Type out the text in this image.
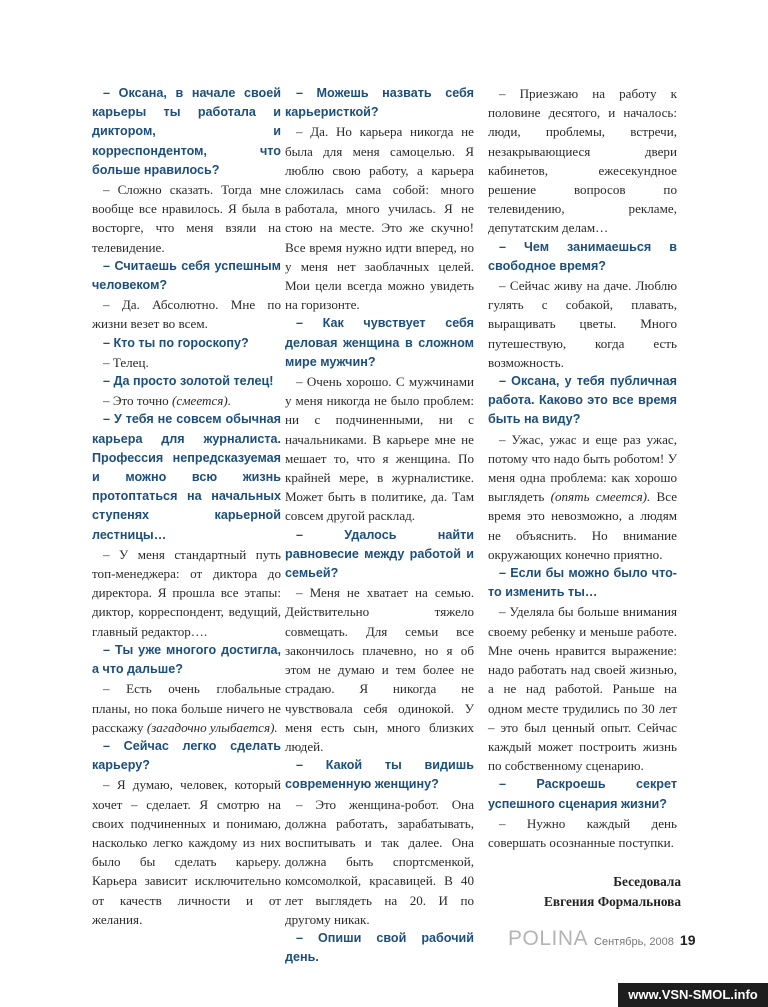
– Оксана, в начале своей карьеры ты работала и диктором, и корреспондентом, что больше нравилось?

– Сложно сказать. Тогда мне вообще все нравилось. Я была в восторге, что меня взяли на телевидение.

– Считаешь себя успешным человеком?

– Да. Абсолютно. Мне по жизни везет во всем.

– Кто ты по гороскопу?

– Телец.

– Да просто золотой телец!

– Это точно (смеется).

– У тебя не совсем обычная карьера для журналиста. Профессия непредсказуемая и можно всю жизнь протоптаться на начальных ступенях карьерной лестницы…

– У меня стандартный путь топ-менеджера: от диктора до директора. Я прошла все этапы: диктор, корреспондент, ведущий, главный редактор….

– Ты уже многого достигла, а что дальше?

– Есть очень глобальные планы, но пока больше ничего не расскажу (загадочно улыбается).

– Сейчас легко сделать карьеру?

– Я думаю, человек, который хочет – сделает. Я смотрю на своих подчиненных и понимаю, насколько легко каждому из них было бы сделать карьеру. Карьера зависит исключительно от качеств личности и от желания.

– Можешь назвать себя карьеристкой?

– Да. Но карьера никогда не была для меня самоцелью. Я люблю свою работу, а карьера сложилась сама собой: много работала, много училась. Я не стою на месте. Это же скучно! Все время нужно идти вперед, но у меня нет заоблачных целей. Мои цели всегда можно увидеть на горизонте.

– Как чувствует себя деловая женщина в сложном мире мужчин?

– Очень хорошо. С мужчинами у меня никогда не было проблем: ни с подчиненными, ни с начальниками. В карьере мне не мешает то, что я женщина. По крайней мере, в журналистике. Может быть в политике, да. Там совсем другой расклад.

– Удалось найти равновесие между работой и семьей?

– Меня не хватает на семью. Действительно тяжело совмещать. Для семьи все закончилось плачевно, но я об этом не думаю и тем более не страдаю. Я никогда не чувствовала себя одинокой. У меня есть сын, много близких людей.

– Какой ты видишь современную женщину?

– Это женщина-робот. Она должна работать, зарабатывать, воспитывать и так далее. Она должна быть спортсменкой, комсомолкой, красавицей. В 40 лет выглядеть на 20. И по другому никак.

– Опиши свой рабочий день.

– Приезжаю на работу к половине десятого, и началось: люди, проблемы, встречи, незакрывающиеся двери кабинетов, ежесекундное решение вопросов по телевидению, рекламе, депутатским делам…

– Чем занимаешься в свободное время?

– Сейчас живу на даче. Люблю гулять с собакой, плавать, выращивать цветы. Много путешествую, когда есть возможность.

– Оксана, у тебя публичная работа. Каково это все время быть на виду?

– Ужас, ужас и еще раз ужас, потому что надо быть роботом! У меня одна проблема: как хорошо выглядеть (опять смеется). Все время это невозможно, а людям не объяснить. Но внимание окружающих конечно приятно.

– Если бы можно было что-то изменить ты…

– Уделяла бы больше внимания своему ребенку и меньше работе. Мне очень нравится выражение: надо работать над своей жизнью, а не над работой. Раньше на одном месте трудились по 30 лет – это был ценный опыт. Сейчас каждый может построить жизнь по собственному сценарию.

– Раскроешь секрет успешного сценария жизни?

– Нужно каждый день совершать осознанные поступки.

Беседовала
Евгения Формальнова
POLINA Сентябрь, 2008 19
www.VSN-SMOL.info
